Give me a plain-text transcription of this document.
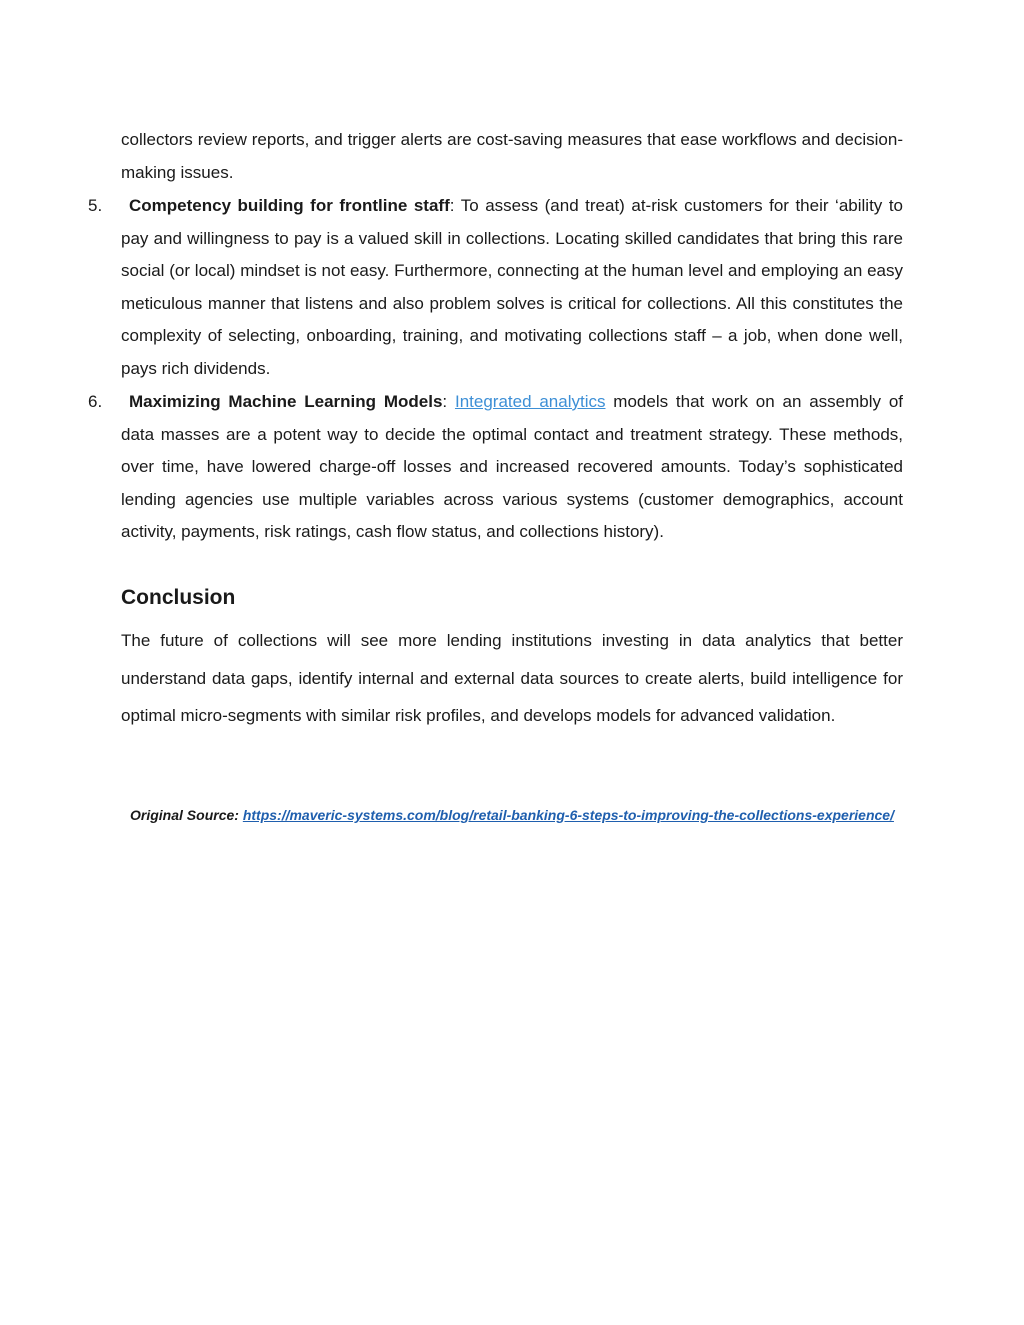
collectors review reports, and trigger alerts are cost-saving measures that ease workflows and decision-making issues.

5. Competency building for frontline staff: To assess (and treat) at-risk customers for their ‘ability to pay and willingness to pay is a valued skill in collections. Locating skilled candidates that bring this rare social (or local) mindset is not easy. Furthermore, connecting at the human level and employing an easy meticulous manner that listens and also problem solves is critical for collections. All this constitutes the complexity of selecting, onboarding, training, and motivating collections staff – a job, when done well, pays rich dividends.
6. Maximizing Machine Learning Models: Integrated analytics models that work on an assembly of data masses are a potent way to decide the optimal contact and treatment strategy. These methods, over time, have lowered charge-off losses and increased recovered amounts. Today’s sophisticated lending agencies use multiple variables across various systems (customer demographics, account activity, payments, risk ratings, cash flow status, and collections history).
Conclusion

The future of collections will see more lending institutions investing in data analytics that better understand data gaps, identify internal and external data sources to create alerts, build intelligence for optimal micro-segments with similar risk profiles, and develops models for advanced validation.

Original Source: https://maveric-systems.com/blog/retail-banking-6-steps-to-improving-the-collections-experience/
